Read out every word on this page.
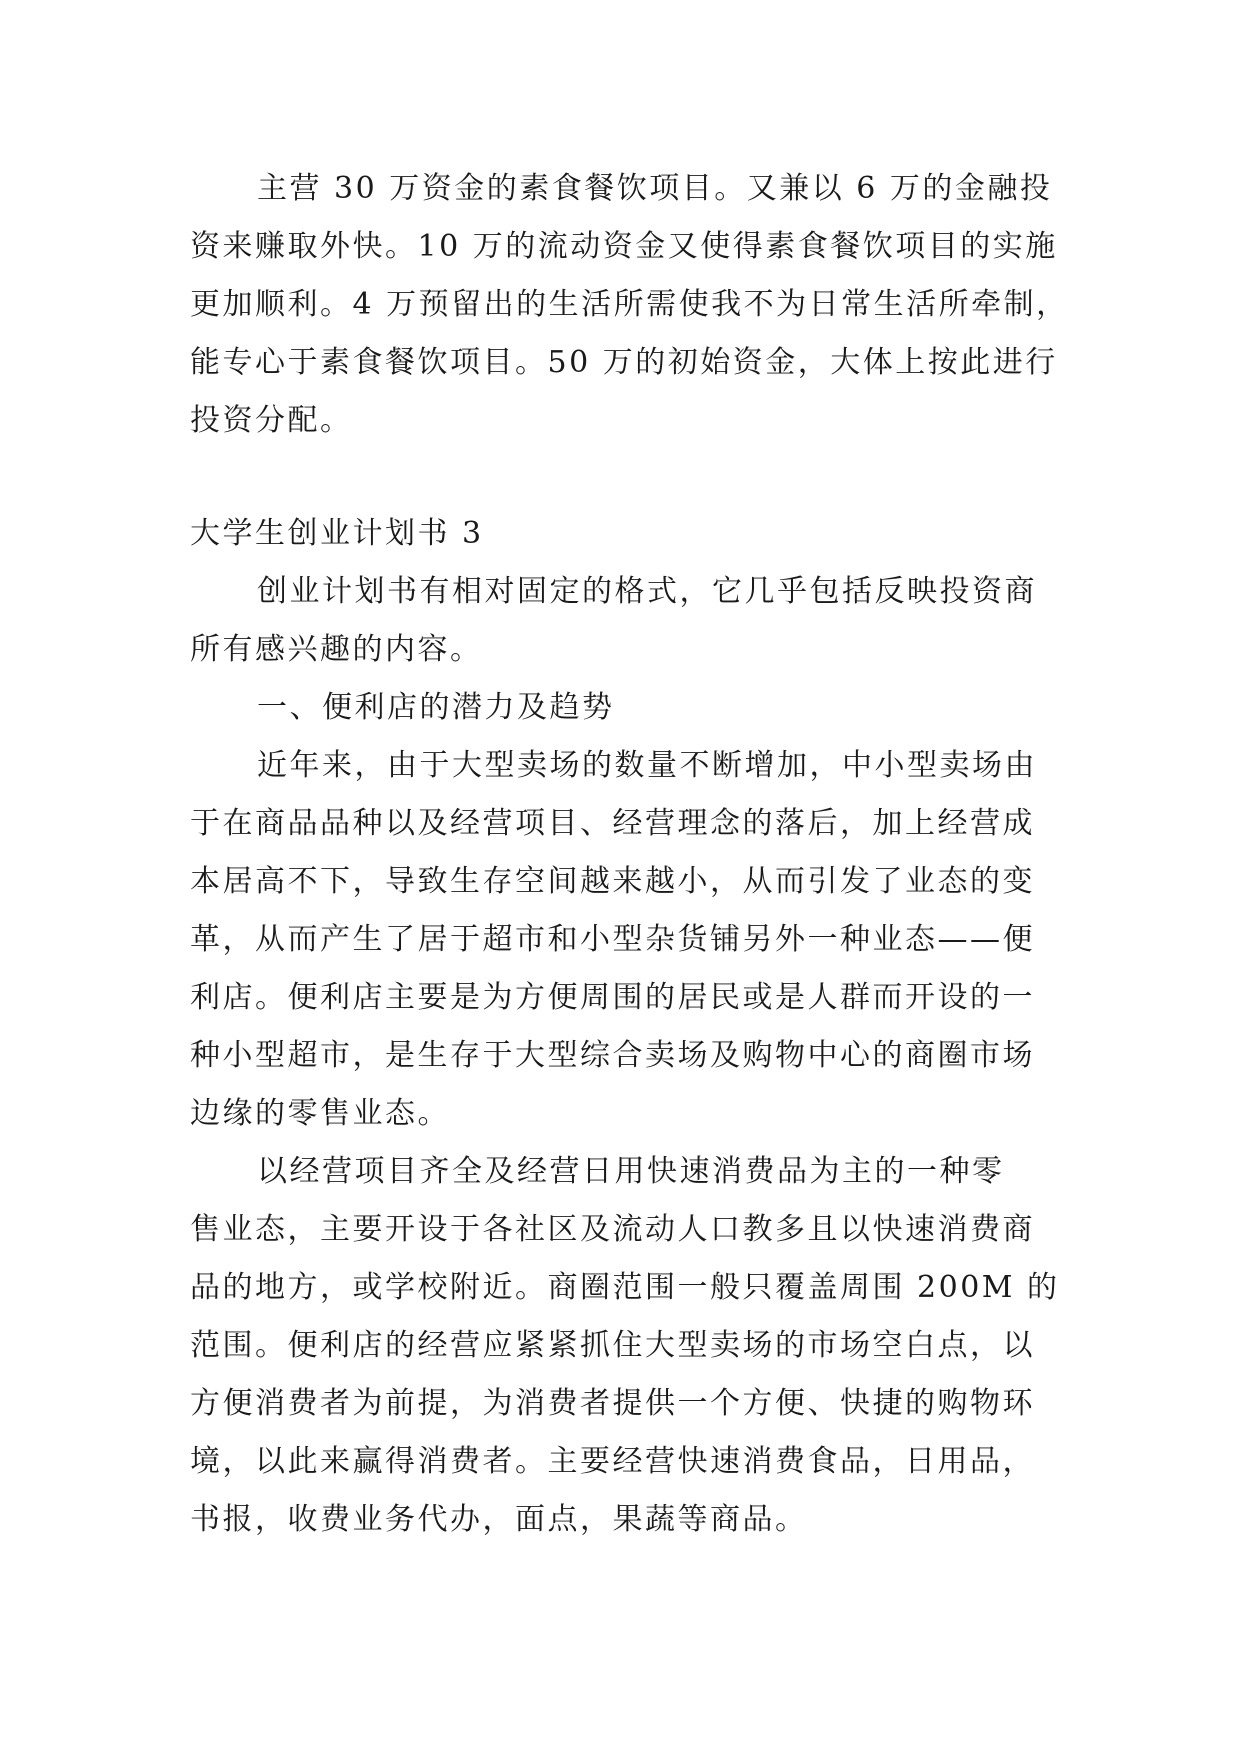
主营 30 万资金的素食餐饮项目。又兼以 6 万的金融投
资来赚取外快。10 万的流动资金又使得素食餐饮项目的实施
更加顺利。4 万预留出的生活所需使我不为日常生活所牵制，
能专心于素食餐饮项目。50 万的初始资金，大体上按此进行
投资分配。
大学生创业计划书 3
创业计划书有相对固定的格式，它几乎包括反映投资商
所有感兴趣的内容。
一、便利店的潜力及趋势
近年来，由于大型卖场的数量不断增加，中小型卖场由
于在商品品种以及经营项目、经营理念的落后，加上经营成
本居高不下，导致生存空间越来越小，从而引发了业态的变
革，从而产生了居于超市和小型杂货铺另外一种业态——便
利店。便利店主要是为方便周围的居民或是人群而开设的一
种小型超市，是生存于大型综合卖场及购物中心的商圈市场
边缘的零售业态。
以经营项目齐全及经营日用快速消费品为主的一种零
售业态，主要开设于各社区及流动人口教多且以快速消费商
品的地方，或学校附近。商圈范围一般只覆盖周围 200M 的
范围。便利店的经营应紧紧抓住大型卖场的市场空白点，以
方便消费者为前提，为消费者提供一个方便、快捷的购物环
境，以此来赢得消费者。主要经营快速消费食品，日用品，
书报，收费业务代办，面点，果蔬等商品。
